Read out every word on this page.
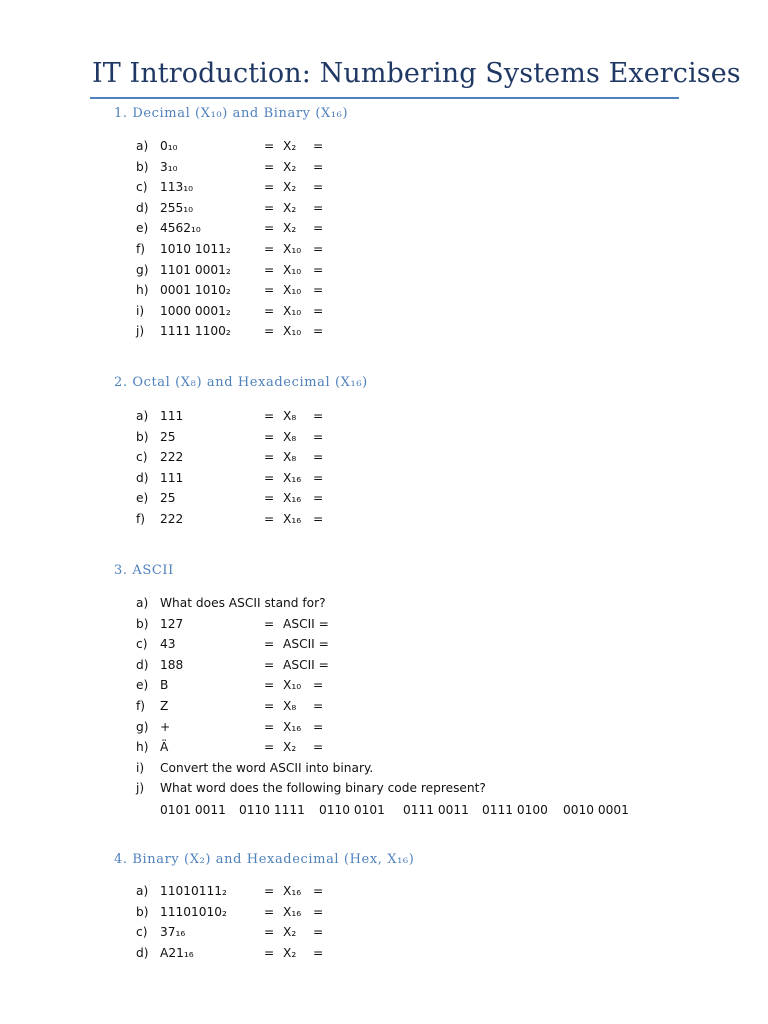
IT Introduction: Numbering Systems Exercises
1. Decimal (X₁₀) and Binary (X₁₆)
a) 0₁₀	= X₂ =
b) 3₁₀	= X₂ =
c) 113₁₀	= X₂ =
d) 255₁₀	= X₂ =
e) 4562₁₀	= X₂ =
f) 1010 1011₂	= X₁₀ =
g) 1101 0001₂	= X₁₀ =
h) 0001 1010₂	= X₁₀ =
i) 1000 0001₂	= X₁₀ =
j) 1111 1100₂	= X₁₀ =
2. Octal (X₈) and Hexadecimal (X₁₆)
a) 111	= X₈ =
b) 25	= X₈ =
c) 222	= X₈ =
d) 111	= X₁₆ =
e) 25	= X₁₆ =
f) 222	= X₁₆ =
3. ASCII
a) What does ASCII stand for?
b) 127	= ASCII =
c) 43	= ASCII =
d) 188	= ASCII =
e) B	= X₁₀ =
f) Z	= X₈ =
g) +	= X₁₆ =
h) Ä	= X₂ =
i) Convert the word ASCII into binary.
j) What word does the following binary code represent?
0101 0011 0110 1111 0110 0101 0111 0011 0111 0100 0010 0001
4. Binary (X₂) and Hexadecimal (Hex, X₁₆)
a) 11010111₂	= X₁₆ =
b) 11101010₂	= X₁₆ =
c) 37₁₆	= X₂ =
d) A21₁₆	= X₂ =
